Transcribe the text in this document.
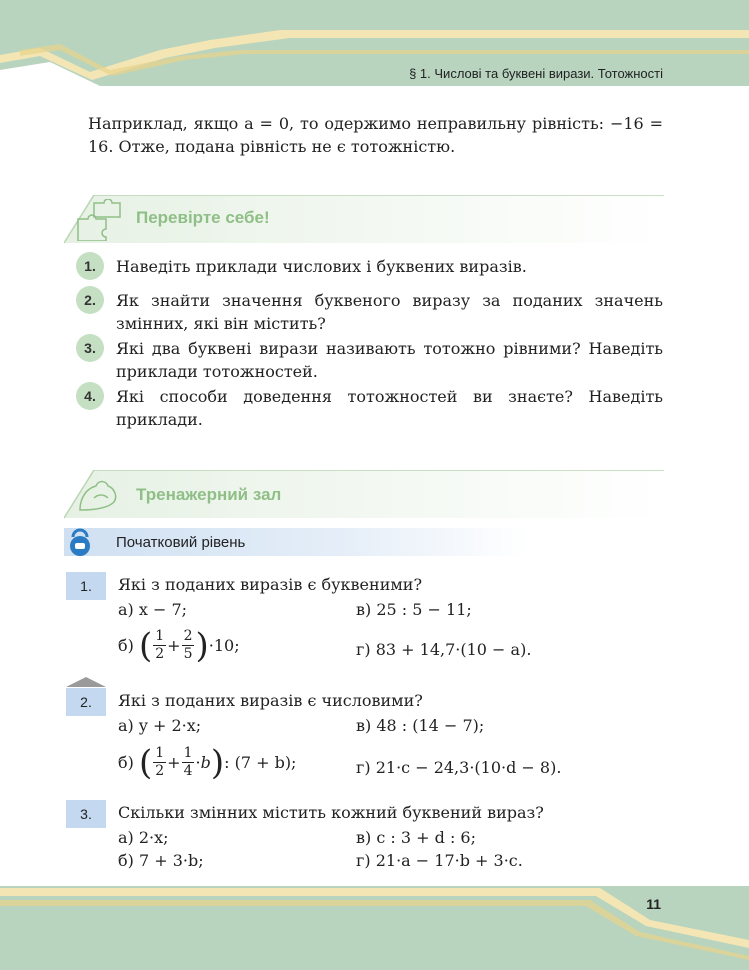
§ 1. Числові та буквені вирази. Тотожності
Наприклад, якщо a = 0, то одержимо неправильну рівність: −16 = 16. Отже, подана рівність не є тотожністю.
Перевірте себе!
1.	Наведіть приклади числових і буквених виразів.
2.	Як знайти значення буквеного виразу за поданих значень змінних, які він містить?
3.	Які два буквені вирази називають тотожно рівними? Наведіть приклади тотожностей.
4.	Які способи доведення тотожностей ви знаєте? Наведіть приклади.
Тренажерний зал
Початковий рівень
1.	Які з поданих виразів є буквеними?
а) x − 7;	в) 25 : 5 − 11;
б)
( $\frac{1}{2} + \frac{2}{5}$ ) ·10;	г) 83 + 14,7·(10 − a).
2.	Які з поданих виразів є числовими?
а) y + 2·x;	в) 48 : (14 − 7);
б)
( $\frac{1}{2} + \frac{1}{4} \cdot b$ ) : (7 + b);	г) 21·c − 24,3·(10·d − 8).
3.	Скільки змінних містить кожний буквений вираз?
а) 2·x;	в) c : 3 + d : 6;
б) 7 + 3·b;	г) 21·a − 17·b + 3·c.
11
